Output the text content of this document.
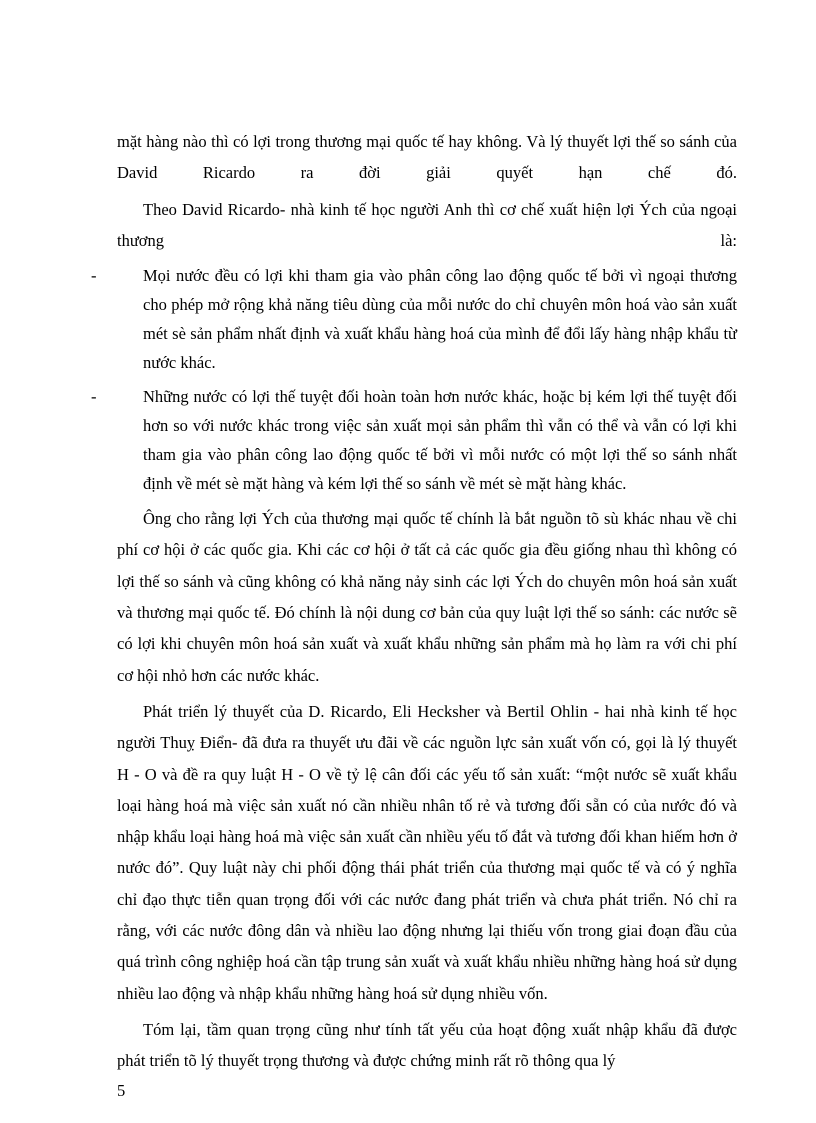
mặt hàng nào thì có lợi trong thương mại quốc tế hay không. Và lý thuyết lợi thế so sánh của David Ricardo ra đời giải quyết hạn chế đó.

Theo David Ricardo- nhà kinh tế học người Anh thì cơ chế xuất hiện lợi Ých của ngoại thương là:

-	Mọi nước đều có lợi khi tham gia vào phân công lao động quốc tế bởi vì ngoại thương cho phép mở rộng khả năng tiêu dùng của mỗi nước do chỉ chuyên môn hoá vào sản xuất mét sè sản phẩm nhất định và xuất khẩu hàng hoá của mình để đổi lấy hàng nhập khẩu từ nước khác.
-	Những nước có lợi thế tuyệt đối hoàn toàn hơn nước khác, hoặc bị kém lợi thế tuyệt đối hơn so với nước khác trong việc sản xuất mọi sản phẩm thì vẫn có thể và vẫn có lợi khi tham gia vào phân công lao động quốc tế bởi vì mỗi nước có một lợi thế so sánh nhất định về mét sè mặt hàng và kém lợi thế so sánh về mét sè mặt hàng khác.

Ông cho rằng lợi Ých của thương mại quốc tế chính là bắt nguồn tõ sù khác nhau về chi phí cơ hội ở các quốc gia. Khi các cơ hội ở tất cả các quốc gia đều giống nhau thì không có lợi thế so sánh và cũng không có khả năng nảy sinh các lợi Ých do chuyên môn hoá sản xuất và thương mại quốc tế. Đó chính là nội dung cơ bản của quy luật lợi thế so sánh: các nước sẽ có lợi khi chuyên môn hoá sản xuất và xuất khẩu những sản phẩm mà họ làm ra với chi phí cơ hội nhỏ hơn các nước khác.

Phát triển lý thuyết của D. Ricardo, Eli Hecksher và Bertil Ohlin - hai nhà kinh tế học người Thuỵ Điển- đã đưa ra thuyết ưu đãi về các nguồn lực sản xuất vốn có, gọi là lý thuyết H - O và đề ra quy luật H - O về tỷ lệ cân đối các yếu tố sản xuất: “một nước sẽ xuất khẩu loại hàng hoá mà việc sản xuất nó cần nhiều nhân tố rẻ và tương đối sẵn có của nước đó và nhập khẩu loại hàng hoá mà việc sản xuất cần nhiều yếu tố đắt và tương đối khan hiếm hơn ở nước đó”. Quy luật này chi phối động thái phát triển của thương mại quốc tế và có ý nghĩa chỉ đạo thực tiễn quan trọng đối với các nước đang phát triển và chưa phát triển. Nó chỉ ra rằng, với các nước đông dân và nhiều lao động nhưng lại thiếu vốn trong giai đoạn đầu của quá trình công nghiệp hoá cần tập trung sản xuất và xuất khẩu nhiều những hàng hoá sử dụng nhiều lao động và nhập khẩu những hàng hoá sử dụng nhiều vốn.

Tóm lại, tầm quan trọng cũng như tính tất yếu của hoạt động xuất nhập khẩu đã được phát triển tõ lý thuyết trọng thương và được chứng minh rất rõ thông qua lý

5
